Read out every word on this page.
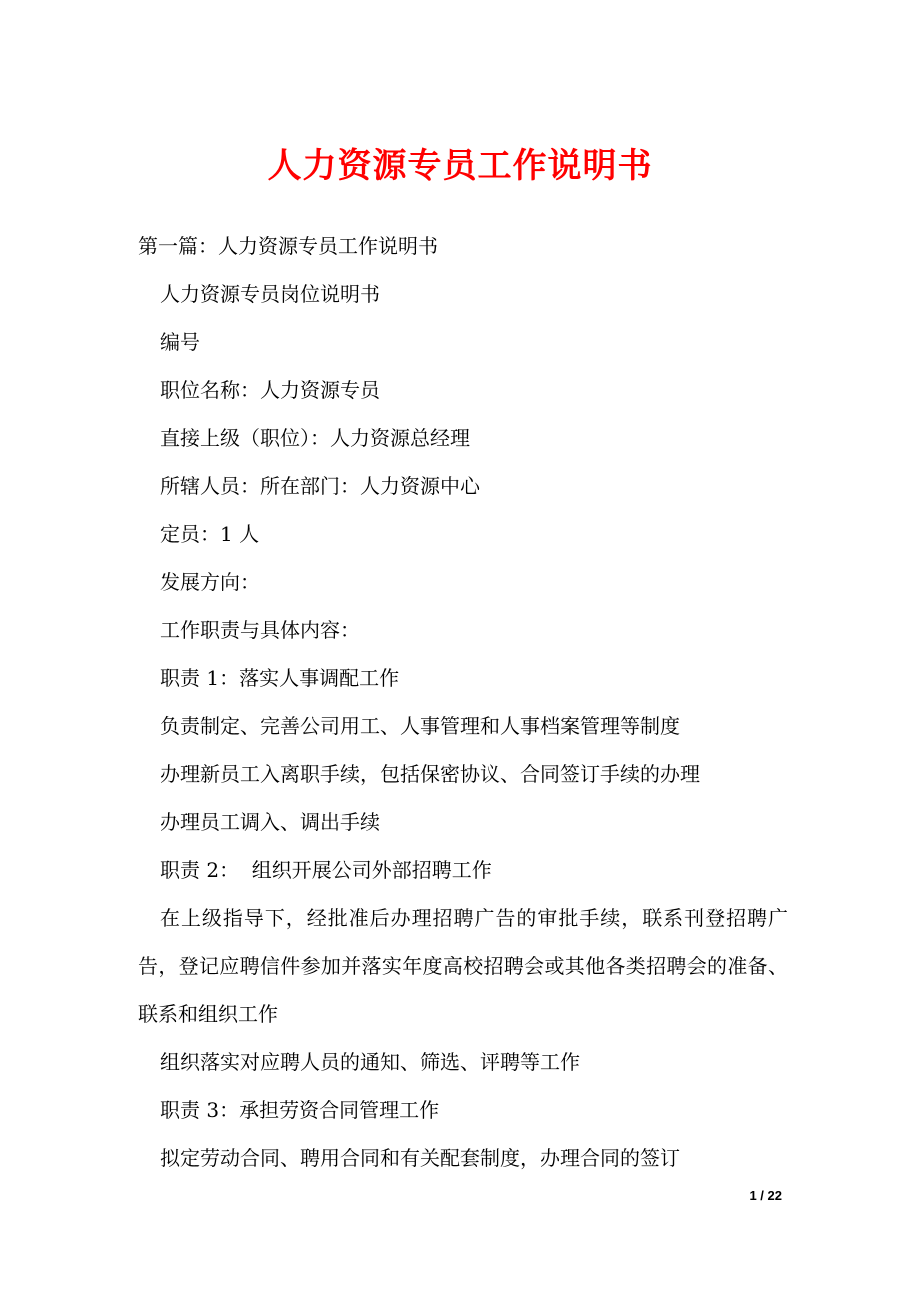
人力资源专员工作说明书

第一篇：人力资源专员工作说明书

人力资源专员岗位说明书

编号

职位名称：人力资源专员

直接上级（职位）：人力资源总经理

所辖人员：所在部门：人力资源中心

定员：1 人

发展方向：

工作职责与具体内容：

职责 1：落实人事调配工作

负责制定、完善公司用工、人事管理和人事档案管理等制度

办理新员工入离职手续，包括保密协议、合同签订手续的办理

办理员工调入、调出手续

职责 2：  组织开展公司外部招聘工作

在上级指导下，经批准后办理招聘广告的审批手续，联系刊登招聘广告，登记应聘信件参加并落实年度高校招聘会或其他各类招聘会的准备、联系和组织工作

组织落实对应聘人员的通知、筛选、评聘等工作

职责 3：承担劳资合同管理工作

拟定劳动合同、聘用合同和有关配套制度，办理合同的签订

1 / 22
